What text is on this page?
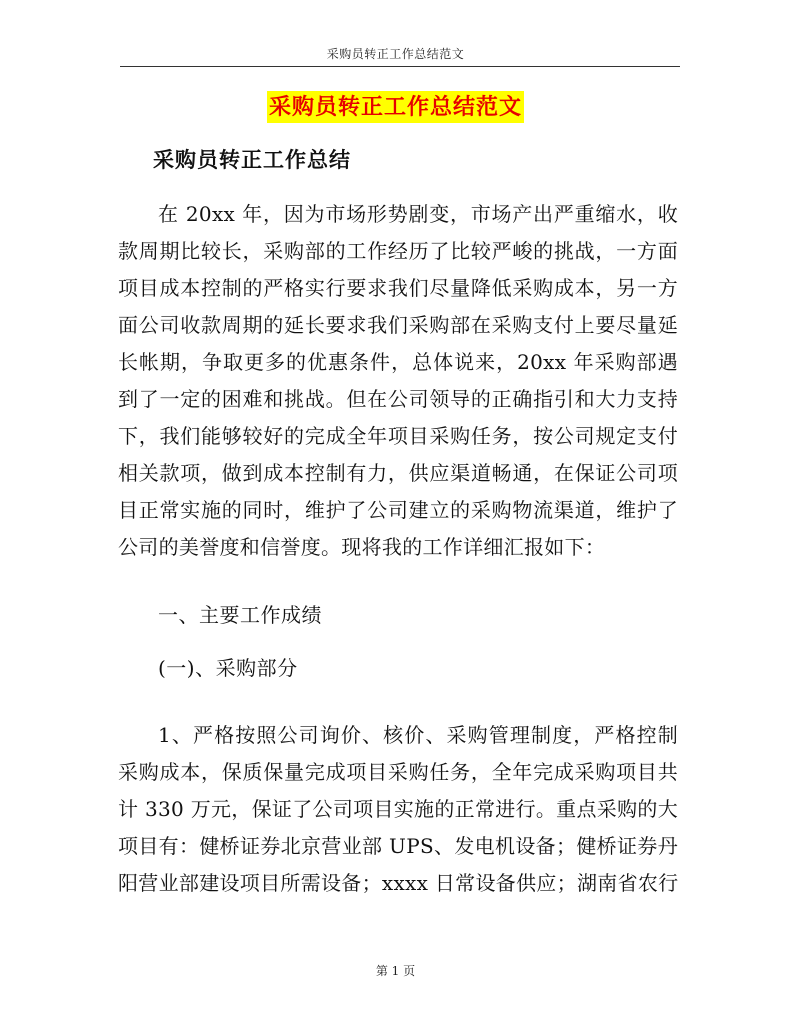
采购员转正工作总结范文
采购员转正工作总结范文
采购员转正工作总结
在 20xx 年，因为市场形势剧变，市场产出严重缩水，收
款周期比较长，采购部的工作经历了比较严峻的挑战，一方面
项目成本控制的严格实行要求我们尽量降低采购成本，另一方
面公司收款周期的延长要求我们采购部在采购支付上要尽量延
长帐期，争取更多的优惠条件，总体说来，20xx 年采购部遇
到了一定的困难和挑战。但在公司领导的正确指引和大力支持
下，我们能够较好的完成全年项目采购任务，按公司规定支付
相关款项，做到成本控制有力，供应渠道畅通，在保证公司项
目正常实施的同时，维护了公司建立的采购物流渠道，维护了
公司的美誉度和信誉度。现将我的工作详细汇报如下：
一、主要工作成绩
(一)、采购部分
1、严格按照公司询价、核价、采购管理制度，严格控制
采购成本，保质保量完成项目采购任务，全年完成采购项目共
计 330 万元，保证了公司项目实施的正常进行。重点采购的大
项目有：健桥证券北京营业部 UPS、发电机设备；健桥证券丹
阳营业部建设项目所需设备；xxxx 日常设备供应；湖南省农行
第 1 页
